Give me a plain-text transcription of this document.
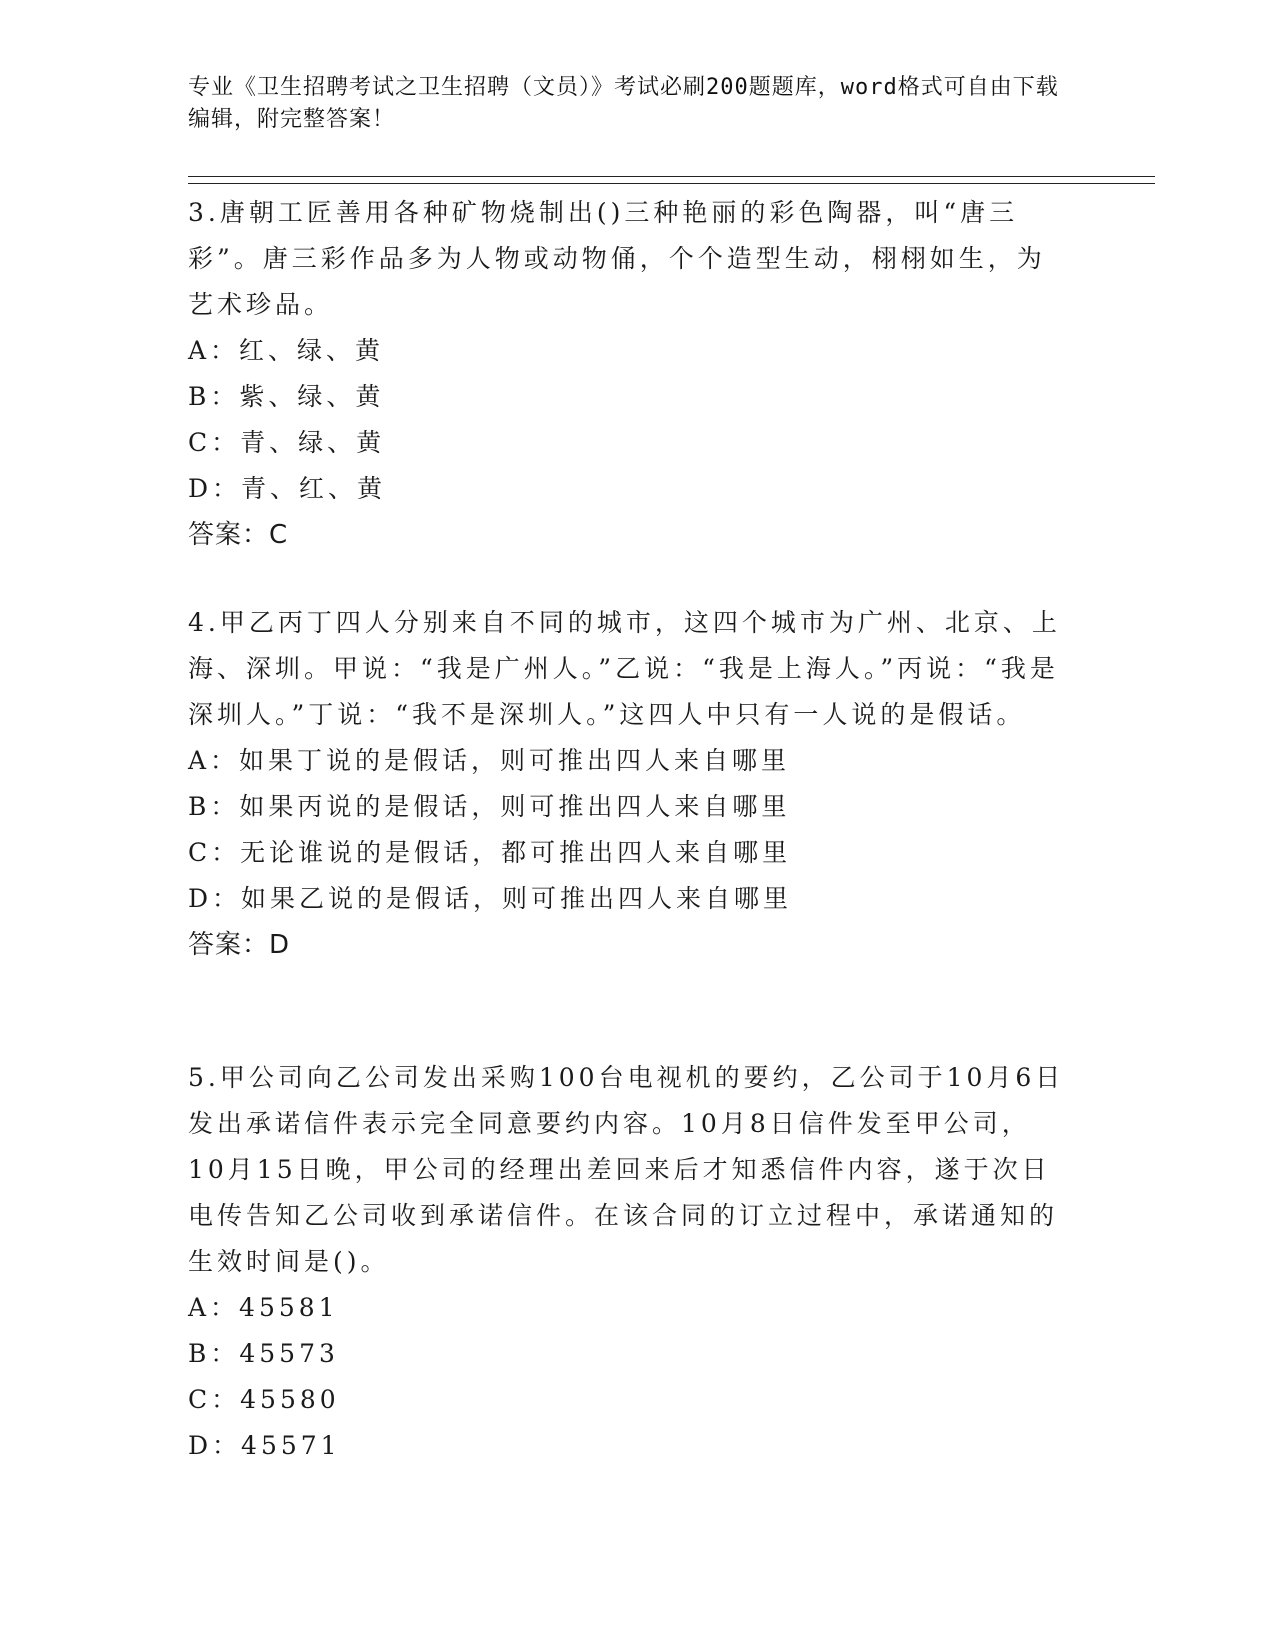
专业《卫生招聘考试之卫生招聘（文员）》考试必刷200题题库，word格式可自由下载编辑，附完整答案！

3.唐朝工匠善用各种矿物烧制出()三种艳丽的彩色陶器，叫“唐三彩”。唐三彩作品多为人物或动物俑，个个造型生动，栩栩如生，为艺术珍品。

A：红、绿、黄
B：紫、绿、黄
C：青、绿、黄
D：青、红、黄
答案：C

4.甲乙丙丁四人分别来自不同的城市，这四个城市为广州、北京、上海、深圳。甲说：“我是广州人。”乙说：“我是上海人。”丙说：“我是深圳人。”丁说：“我不是深圳人。”这四人中只有一人说的是假话。

A：如果丁说的是假话，则可推出四人来自哪里
B：如果丙说的是假话，则可推出四人来自哪里
C：无论谁说的是假话，都可推出四人来自哪里
D：如果乙说的是假话，则可推出四人来自哪里
答案：D

5.甲公司向乙公司发出采购100台电视机的要约，乙公司于10月6日发出承诺信件表示完全同意要约内容。10月8日信件发至甲公司，10月15日晚，甲公司的经理出差回来后才知悉信件内容，遂于次日电传告知乙公司收到承诺信件。在该合同的订立过程中，承诺通知的生效时间是()。

A：45581
B：45573
C：45580
D：45571
